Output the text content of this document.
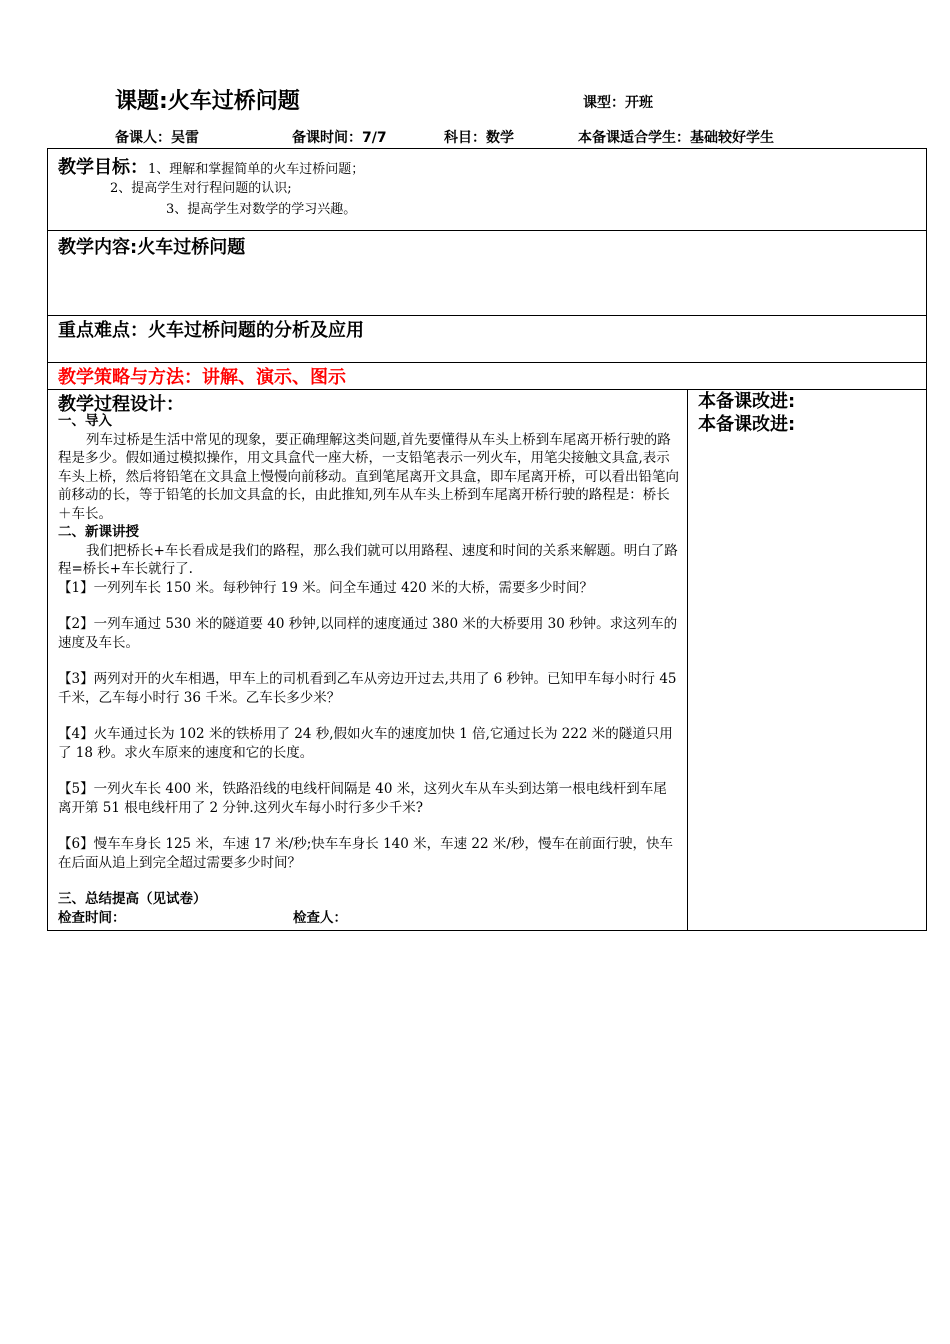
课题:火车过桥问题	课型：开班
备课人：吴雷	备课时间：7/7	科目：数学	本备课适合学生：基础较好学生
教学目标：1、理解和掌握简单的火车过桥问题；
2、提高学生对行程问题的认识;
3、提高学生对数学的学习兴趣。
教学内容:火车过桥问题
重点难点：火车过桥问题的分析及应用
教学策略与方法：讲解、演示、图示
教学过程设计：

一、导入

列车过桥是生活中常见的现象，要正确理解这类问题,首先要懂得从车头上桥到车尾离开桥行驶的路程是多少。假如通过模拟操作，用文具盒代一座大桥，一支铅笔表示一列火车，用笔尖接触文具盒,表示车头上桥，然后将铅笔在文具盒上慢慢向前移动。直到笔尾离开文具盒，即车尾离开桥，可以看出铅笔向前移动的长，等于铅笔的长加文具盒的长，由此推知,列车从车头上桥到车尾离开桥行驶的路程是：桥长＋车长。

二、新课讲授

我们把桥长+车长看成是我们的路程，那么我们就可以用路程、速度和时间的关系来解题。明白了路程=桥长+车长就行了.

【1】一列列车长 150 米。每秒钟行 19 米。问全车通过 420 米的大桥，需要多少时间？

【2】一列车通过 530 米的隧道要 40 秒钟,以同样的速度通过 380 米的大桥要用 30 秒钟。求这列车的速度及车长。

【3】两列对开的火车相遇，甲车上的司机看到乙车从旁边开过去,共用了 6 秒钟。已知甲车每小时行 45 千米，乙车每小时行 36 千米。乙车长多少米？

【4】火车通过长为 102 米的铁桥用了 24 秒,假如火车的速度加快 1 倍,它通过长为 222 米的隧道只用了 18 秒。求火车原来的速度和它的长度。

【5】一列火车长 400 米，铁路沿线的电线杆间隔是 40 米，这列火车从车头到达第一根电线杆到车尾离开第 51 根电线杆用了 2 分钟.这列火车每小时行多少千米?

【6】慢车车身长 125 米，车速 17 米/秒;快车车身长 140 米，车速 22 米/秒，慢车在前面行驶，快车在后面从追上到完全超过需要多少时间？

三、总结提高（见试卷）

检查时间：	检查人：
本备课改进:
本备课改进:
